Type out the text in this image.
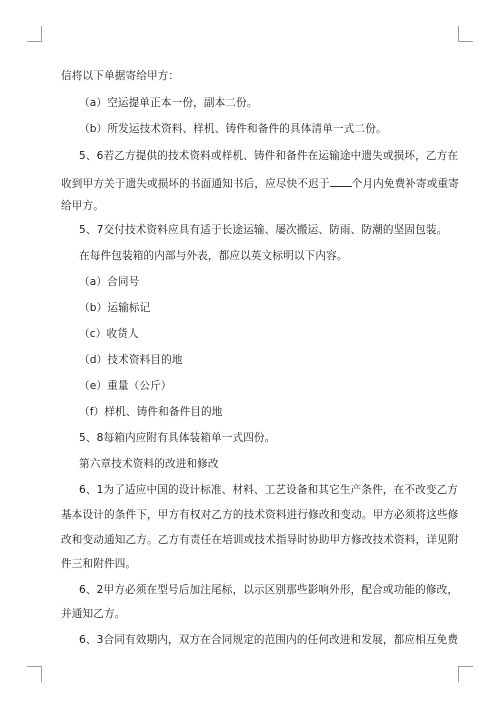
信将以下单据寄给甲方：
（a）空运提单正本一份，副本二份。
（b）所发运技术资料、样机、铸件和备件的具体清单一式二份。
5、6若乙方提供的技术资料或样机、铸件和备件在运输途中遗失或损坏，乙方在
收到甲方关于遗失或损坏的书面通知书后，应尽快不迟于 个月内免费补寄或重寄
给甲方。
5、7交付技术资料应具有适于长途运输、屡次搬运、防雨、防潮的坚固包装。
在每件包装箱的内部与外表，都应以英文标明以下内容。
（a）合同号
（b）运输标记
（c）收货人
（d）技术资料目的地
（e）重量（公斤）
（f）样机、铸件和备件目的地
5、8每箱内应附有具体装箱单一式四份。
第六章技术资料的改进和修改
6、1为了适应中国的设计标准、材料、工艺设备和其它生产条件，在不改变乙方
基本设计的条件下，甲方有权对乙方的技术资料进行修改和变动。甲方必须将这些修
改和变动通知乙方。乙方有责任在培训或技术指导时协助甲方修改技术资料，详见附
件三和附件四。
6、2甲方必须在型号后加注尾标，以示区别那些影响外形，配合或功能的修改，
并通知乙方。
6、3合同有效期内，双方在合同规定的范围内的任何改进和发展，都应相互免费
